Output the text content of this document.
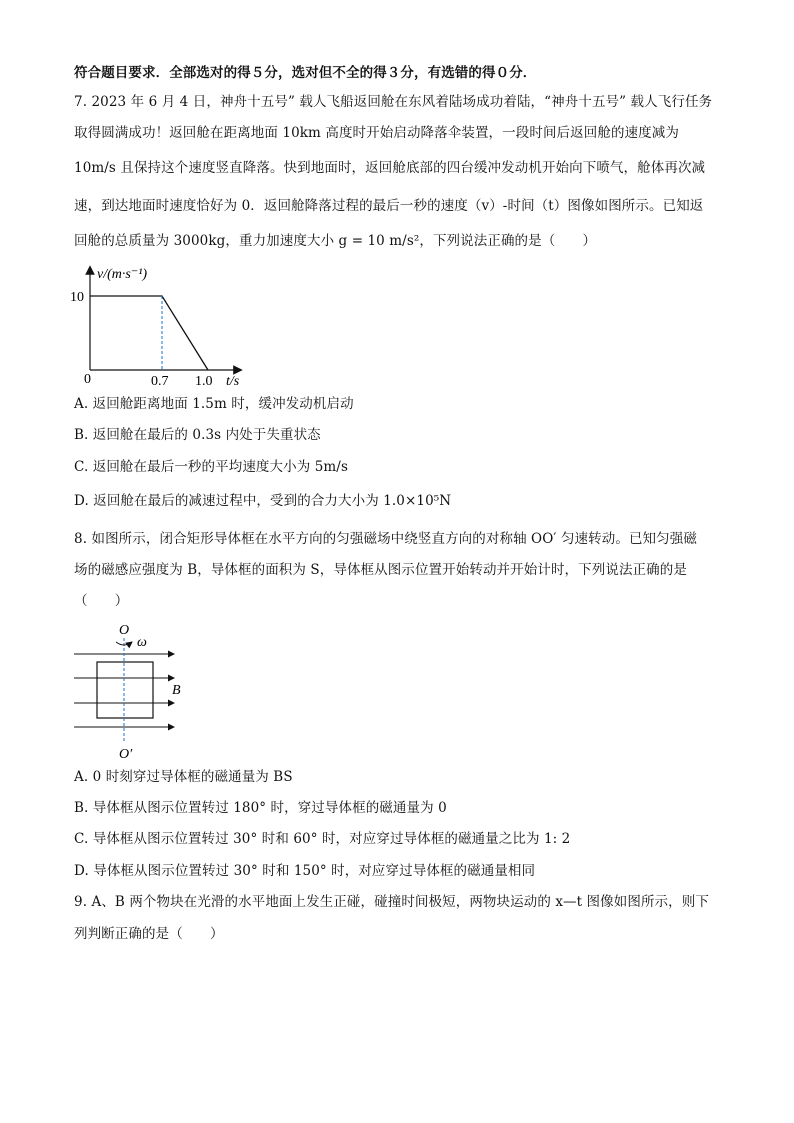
符合题目要求．全部选对的得５分，选对但不全的得３分，有选错的得０分．
7. 2023 年 6 月 4 日，神舟十五号” 载人飞船返回舱在东风着陆场成功着陆，“神舟十五号” 载人飞行任务
取得圆满成功！返回舱在距离地面 10km 高度时开始启动降落伞装置，一段时间后返回舱的速度减为
10m/s 且保持这个速度竖直降落。快到地面时，返回舱底部的四台缓冲发动机开始向下喷气，舱体再次减
速，到达地面时速度恰好为 0．返回舱降落过程的最后一秒的速度（v）-时间（t）图像如图所示。已知返
回舱的总质量为 3000kg，重力加速度大小 g = 10 m/s²，下列说法正确的是（　　）
v/(m·s⁻¹)
10
0	0.7 1.0 t/s
A. 返回舱距离地面 1.5m 时，缓冲发动机启动
B. 返回舱在最后的 0.3s 内处于失重状态
C. 返回舱在最后一秒的平均速度大小为 5m/s
D. 返回舱在最后的减速过程中，受到的合力大小为 1.0×10⁵N
8. 如图所示，闭合矩形导体框在水平方向的匀强磁场中绕竖直方向的对称轴 OO′ 匀速转动。已知匀强磁
场的磁感应强度为 B，导体框的面积为 S，导体框从图示位置开始转动并开始计时，下列说法正确的是
（　　）
O
ω
B
O′
A. 0 时刻穿过导体框的磁通量为 BS
B. 导体框从图示位置转过 180° 时，穿过导体框的磁通量为 0
C. 导体框从图示位置转过 30° 时和 60° 时，对应穿过导体框的磁通量之比为 1: 2
D. 导体框从图示位置转过 30° 时和 150° 时，对应穿过导体框的磁通量相同
9. A、B 两个物块在光滑的水平地面上发生正碰，碰撞时间极短，两物块运动的 x—t 图像如图所示，则下
列判断正确的是（　　）
